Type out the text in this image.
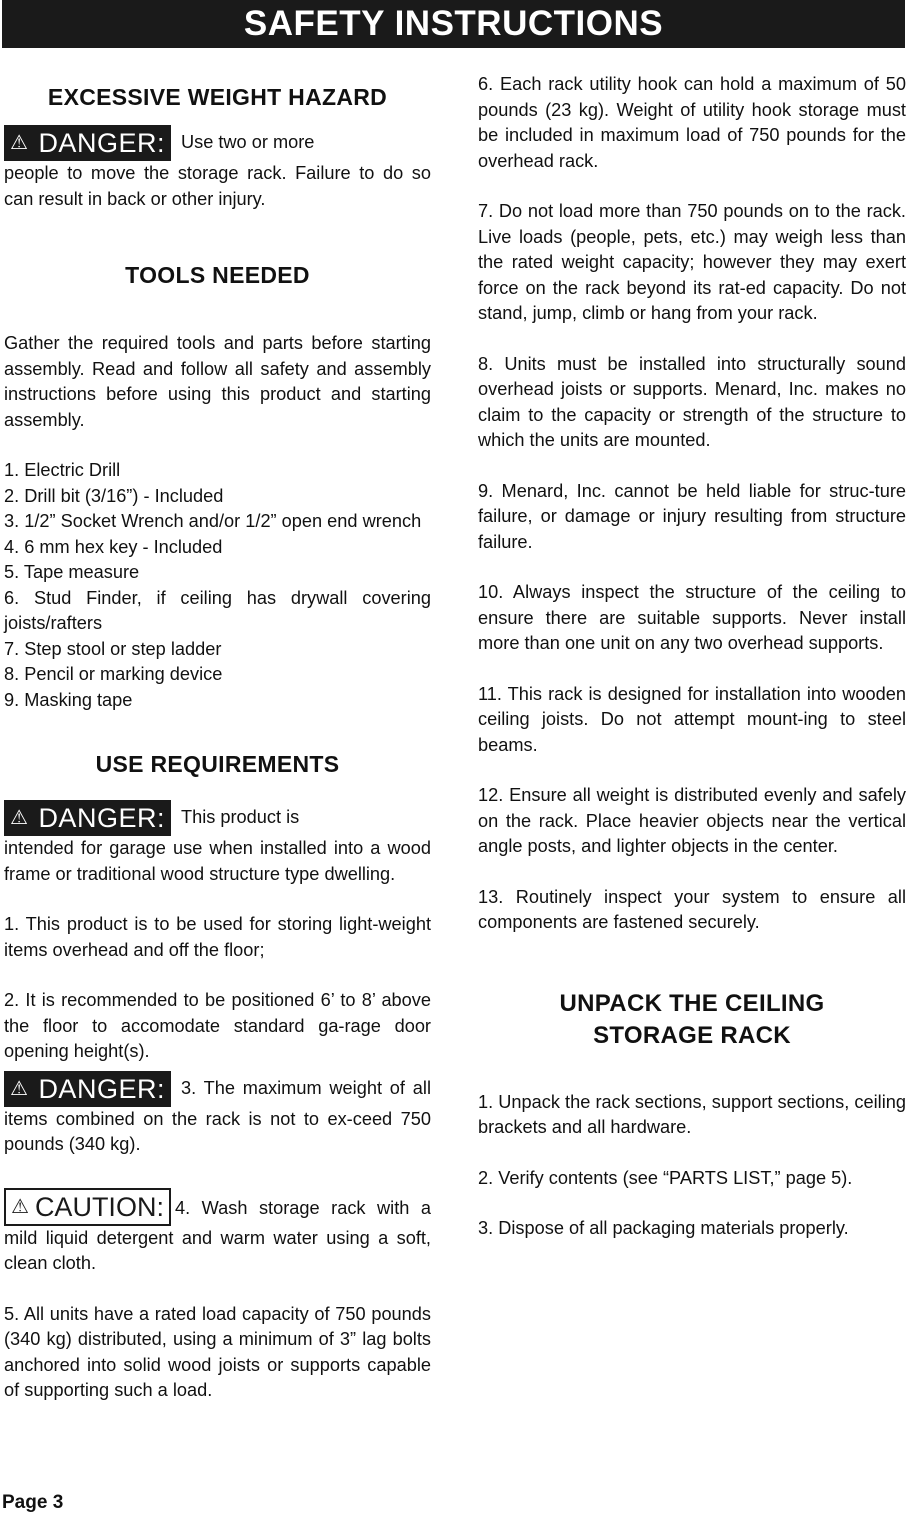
SAFETY INSTRUCTIONS
EXCESSIVE WEIGHT HAZARD

⚠ DANGER: Use two or more
people to move the storage rack. Failure to do so can result in back or other injury.

TOOLS NEEDED

Gather the required tools and parts before starting assembly. Read and follow all safety and assembly instructions before using this product and starting assembly.

1. Electric Drill

2. Drill bit (3/16”) - Included

3. 1/2” Socket Wrench and/or 1/2” open end wrench

4. 6 mm hex key - Included

5. Tape measure

6. Stud Finder, if ceiling has drywall covering joists/rafters

7. Step stool or step ladder

8. Pencil or marking device

9. Masking tape

USE REQUIREMENTS

⚠ DANGER: This product is
intended for garage use when installed into a wood frame or traditional wood structure type dwelling.

1. This product is to be used for storing light-weight items overhead and off the floor;

2. It is recommended to be positioned 6’ to 8’ above the floor to accomodate standard ga-rage door opening height(s).

⚠ DANGER: 3. The maximum weight of all items combined on the rack is not to ex-ceed 750 pounds (340 kg).

⚠ CAUTION: 4. Wash storage rack with a mild liquid detergent and warm water using a soft, clean cloth.

5. All units have a rated load capacity of 750 pounds (340 kg) distributed, using a minimum of 3” lag bolts anchored into solid wood joists or supports capable of supporting such a load.

6. Each rack utility hook can hold a maximum of 50 pounds (23 kg). Weight of utility hook storage must be included in maximum load of 750 pounds for the overhead rack.

7. Do not load more than 750 pounds on to the rack. Live loads (people, pets, etc.) may weigh less than the rated weight capacity; however they may exert force on the rack beyond its rat-ed capacity. Do not stand, jump, climb or hang from your rack.

8. Units must be installed into structurally sound overhead joists or supports. Menard, Inc. makes no claim to the capacity or strength of the structure to which the units are mounted.

9. Menard, Inc. cannot be held liable for struc-ture failure, or damage or injury resulting from structure failure.

10. Always inspect the structure of the ceiling to ensure there are suitable supports. Never install more than one unit on any two overhead supports.

11. This rack is designed for installation into wooden ceiling joists. Do not attempt mount-ing to steel beams.

12. Ensure all weight is distributed evenly and safely on the rack. Place heavier objects near the vertical angle posts, and lighter objects in the center.

13. Routinely inspect your system to ensure all components are fastened securely.

UNPACK THE CEILING
STORAGE RACK

1. Unpack the rack sections, support sections, ceiling brackets and all hardware.

2. Verify contents (see “PARTS LIST,” page 5).

3. Dispose of all packaging materials properly.

Page 3
